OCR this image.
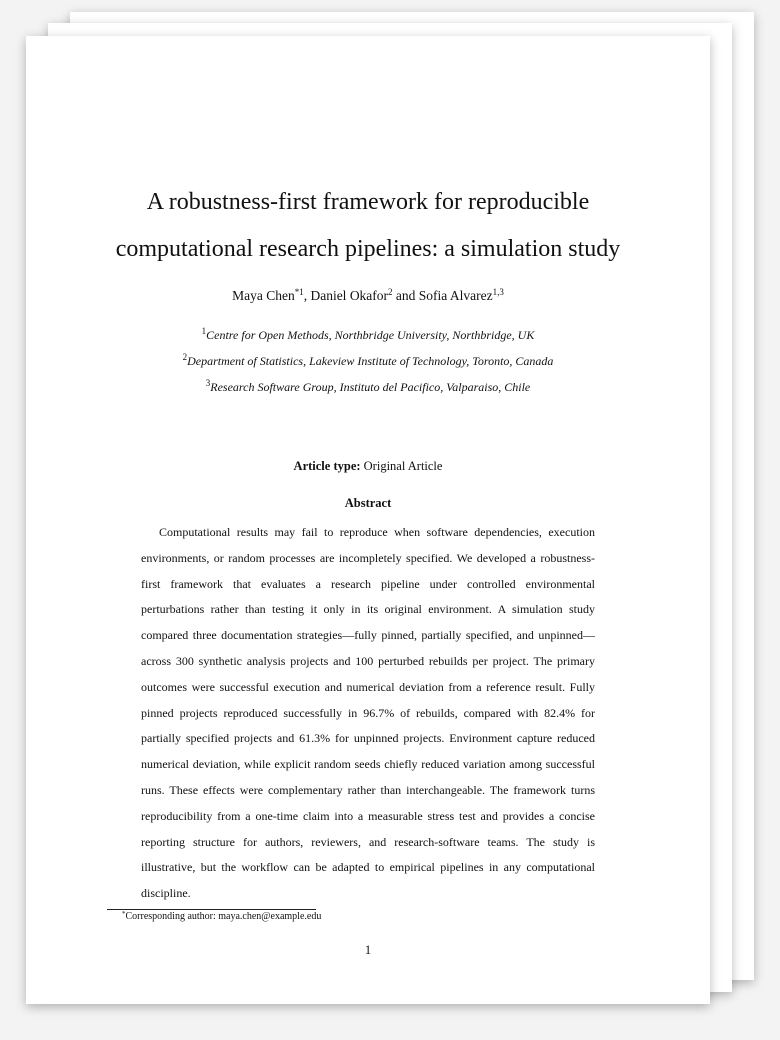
A robustness-first framework for reproducible
computational research pipelines: a simulation study
Maya Chen$^{*1}$, Daniel Okafor$^2$ and Sofia Alvarez$^{1,3}$
$^1$Centre for Open Methods, Northbridge University, Northbridge, UK
$^2$Department of Statistics, Lakeview Institute of Technology, Toronto, Canada
$^3$Research Software Group, Instituto del Pacifico, Valparaiso, Chile
Article type: Original Article
Abstract

Computational results may fail to reproduce when software dependencies, execution environments, or random processes are incompletely specified. We developed a robustness-first framework that evaluates a research pipeline under controlled environmental perturbations rather than testing it only in its original environment. A simulation study compared three documentation strategies—fully pinned, partially specified, and unpinned—across 300 synthetic analysis projects and 100 perturbed rebuilds per project. The primary outcomes were successful execution and numerical deviation from a reference result. Fully pinned projects reproduced successfully in 96.7% of rebuilds, compared with 82.4% for partially specified projects and 61.3% for unpinned projects. Environment capture reduced numerical deviation, while explicit random seeds chiefly reduced variation among successful runs. These effects were complementary rather than interchangeable. The framework turns reproducibility from a one-time claim into a measurable stress test and provides a concise reporting structure for authors, reviewers, and research-software teams. The study is illustrative, but the workflow can be adapted to empirical pipelines in any computational discipline.

*Corresponding author: maya.chen@example.edu
1
